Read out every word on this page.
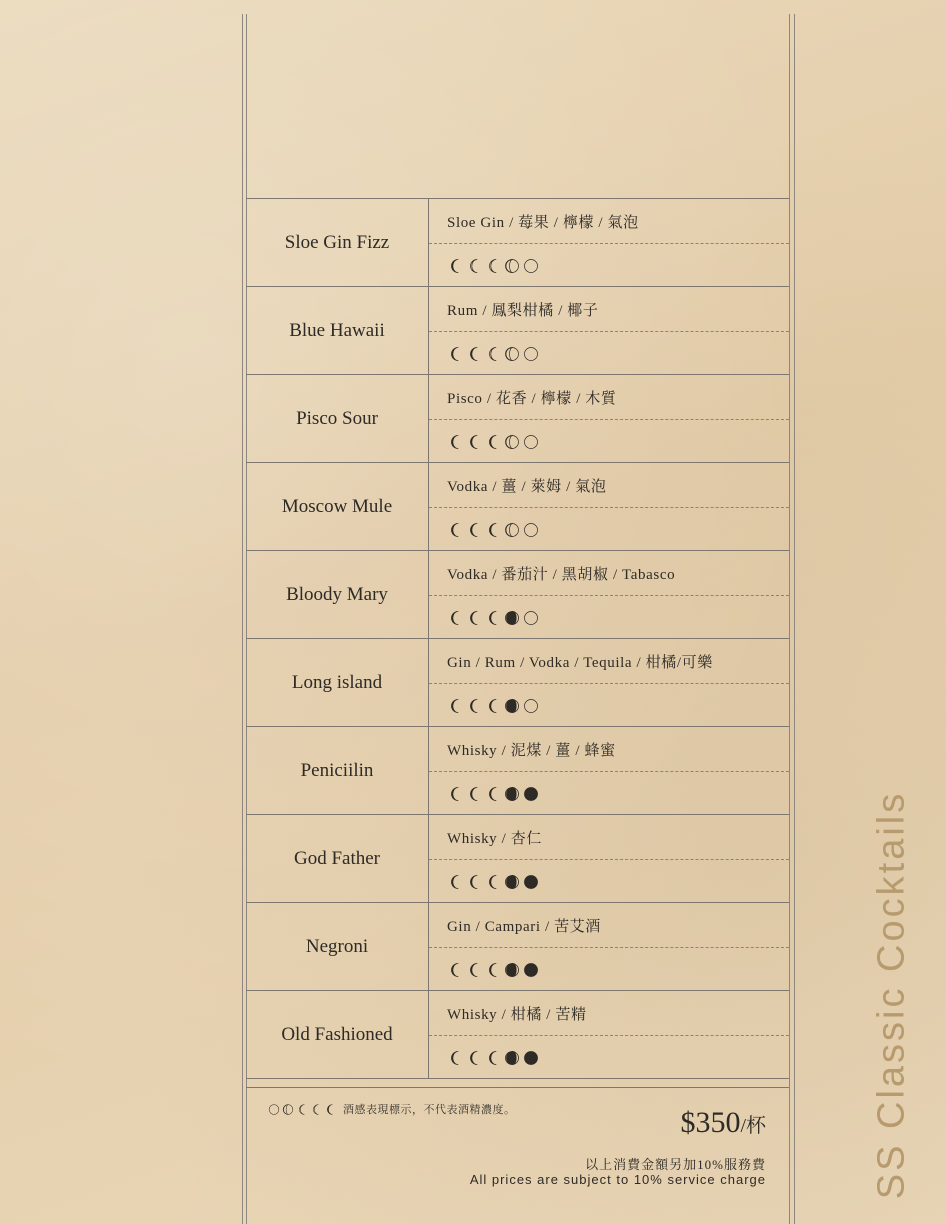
Sloe Gin Fizz
Sloe Gin / 莓果 / 檸檬 / 氣泡
Blue Hawaii
Rum / 鳳梨柑橘 / 椰子
Pisco Sour
Pisco / 花香 / 檸檬 / 木質
Moscow Mule
Vodka / 薑 / 萊姆 / 氣泡
Bloody Mary
Vodka / 番茄汁 / 黑胡椒 / Tabasco
Long island
Gin / Rum / Vodka / Tequila / 柑橘/可樂
Peniciilin
Whisky / 泥煤 / 薑 / 蜂蜜
God Father
Whisky / 杏仁
Negroni
Gin / Campari / 苦艾酒
Old Fashioned
Whisky / 柑橘 / 苦精
酒感表現標示，不代表酒精濃度。	$350/杯
以上消費金額另加10%服務費
All prices are subject to 10% service charge	SS Classic Cocktails
